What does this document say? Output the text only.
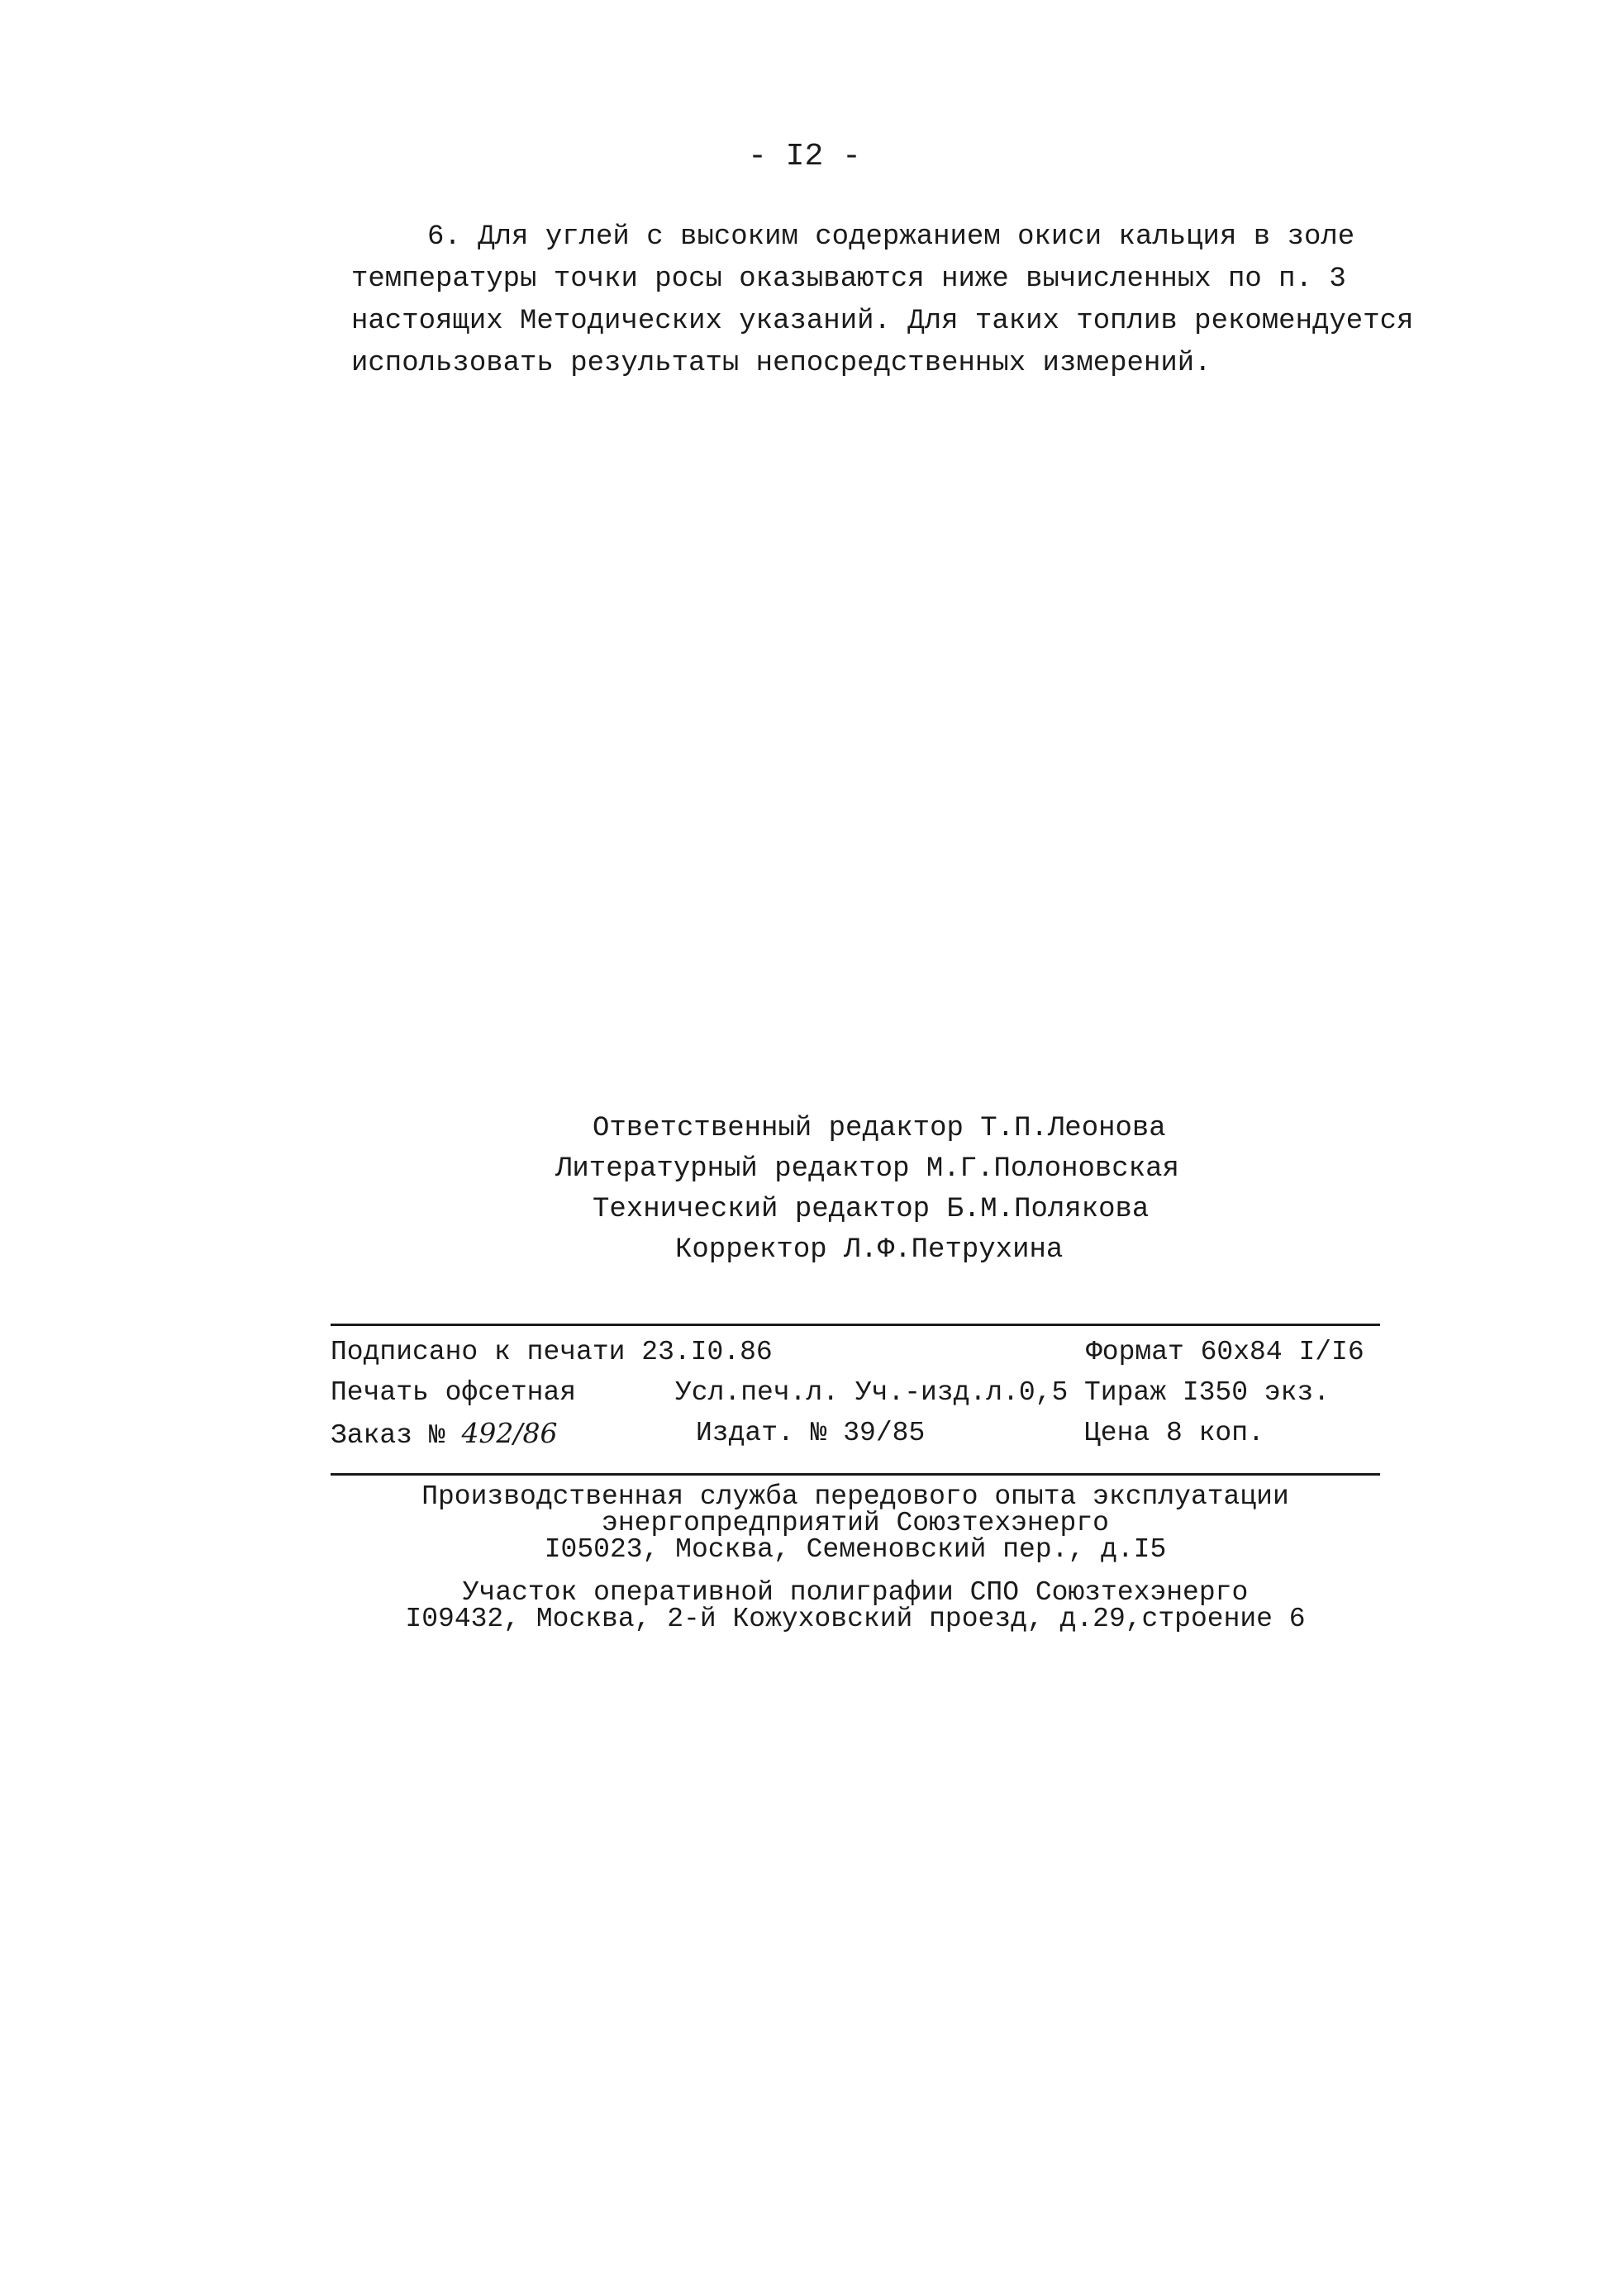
- I2 -
6. Для углей с высоким содержанием окиси кальция в золе
температуры точки росы оказываются ниже вычисленных по п. 3
настоящих Методических указаний. Для таких топлив рекомендуется
использовать результаты непосредственных измерений.
Ответственный редактор Т.П.Леонова
Литературный редактор М.Г.Полоновская
Технический редактор Б.М.Полякова
Корректор Л.Ф.Петрухина
Подписано к печати 23.I0.86	Формат 60х84 I/I6
Печать офсетная	Усл.печ.л. Уч.-изд.л.0,5 Тираж I350 экз.
Заказ № 492/86	Издат. № 39/85	Цена 8 коп.
Производственная служба передового опыта эксплуатации
энергопредприятий Союзтехэнерго
I05023, Москва, Семеновский пер., д.I5
Участок оперативной полиграфии СПО Союзтехэнерго
I09432, Москва, 2-й Кожуховский проезд, д.29,строение 6
